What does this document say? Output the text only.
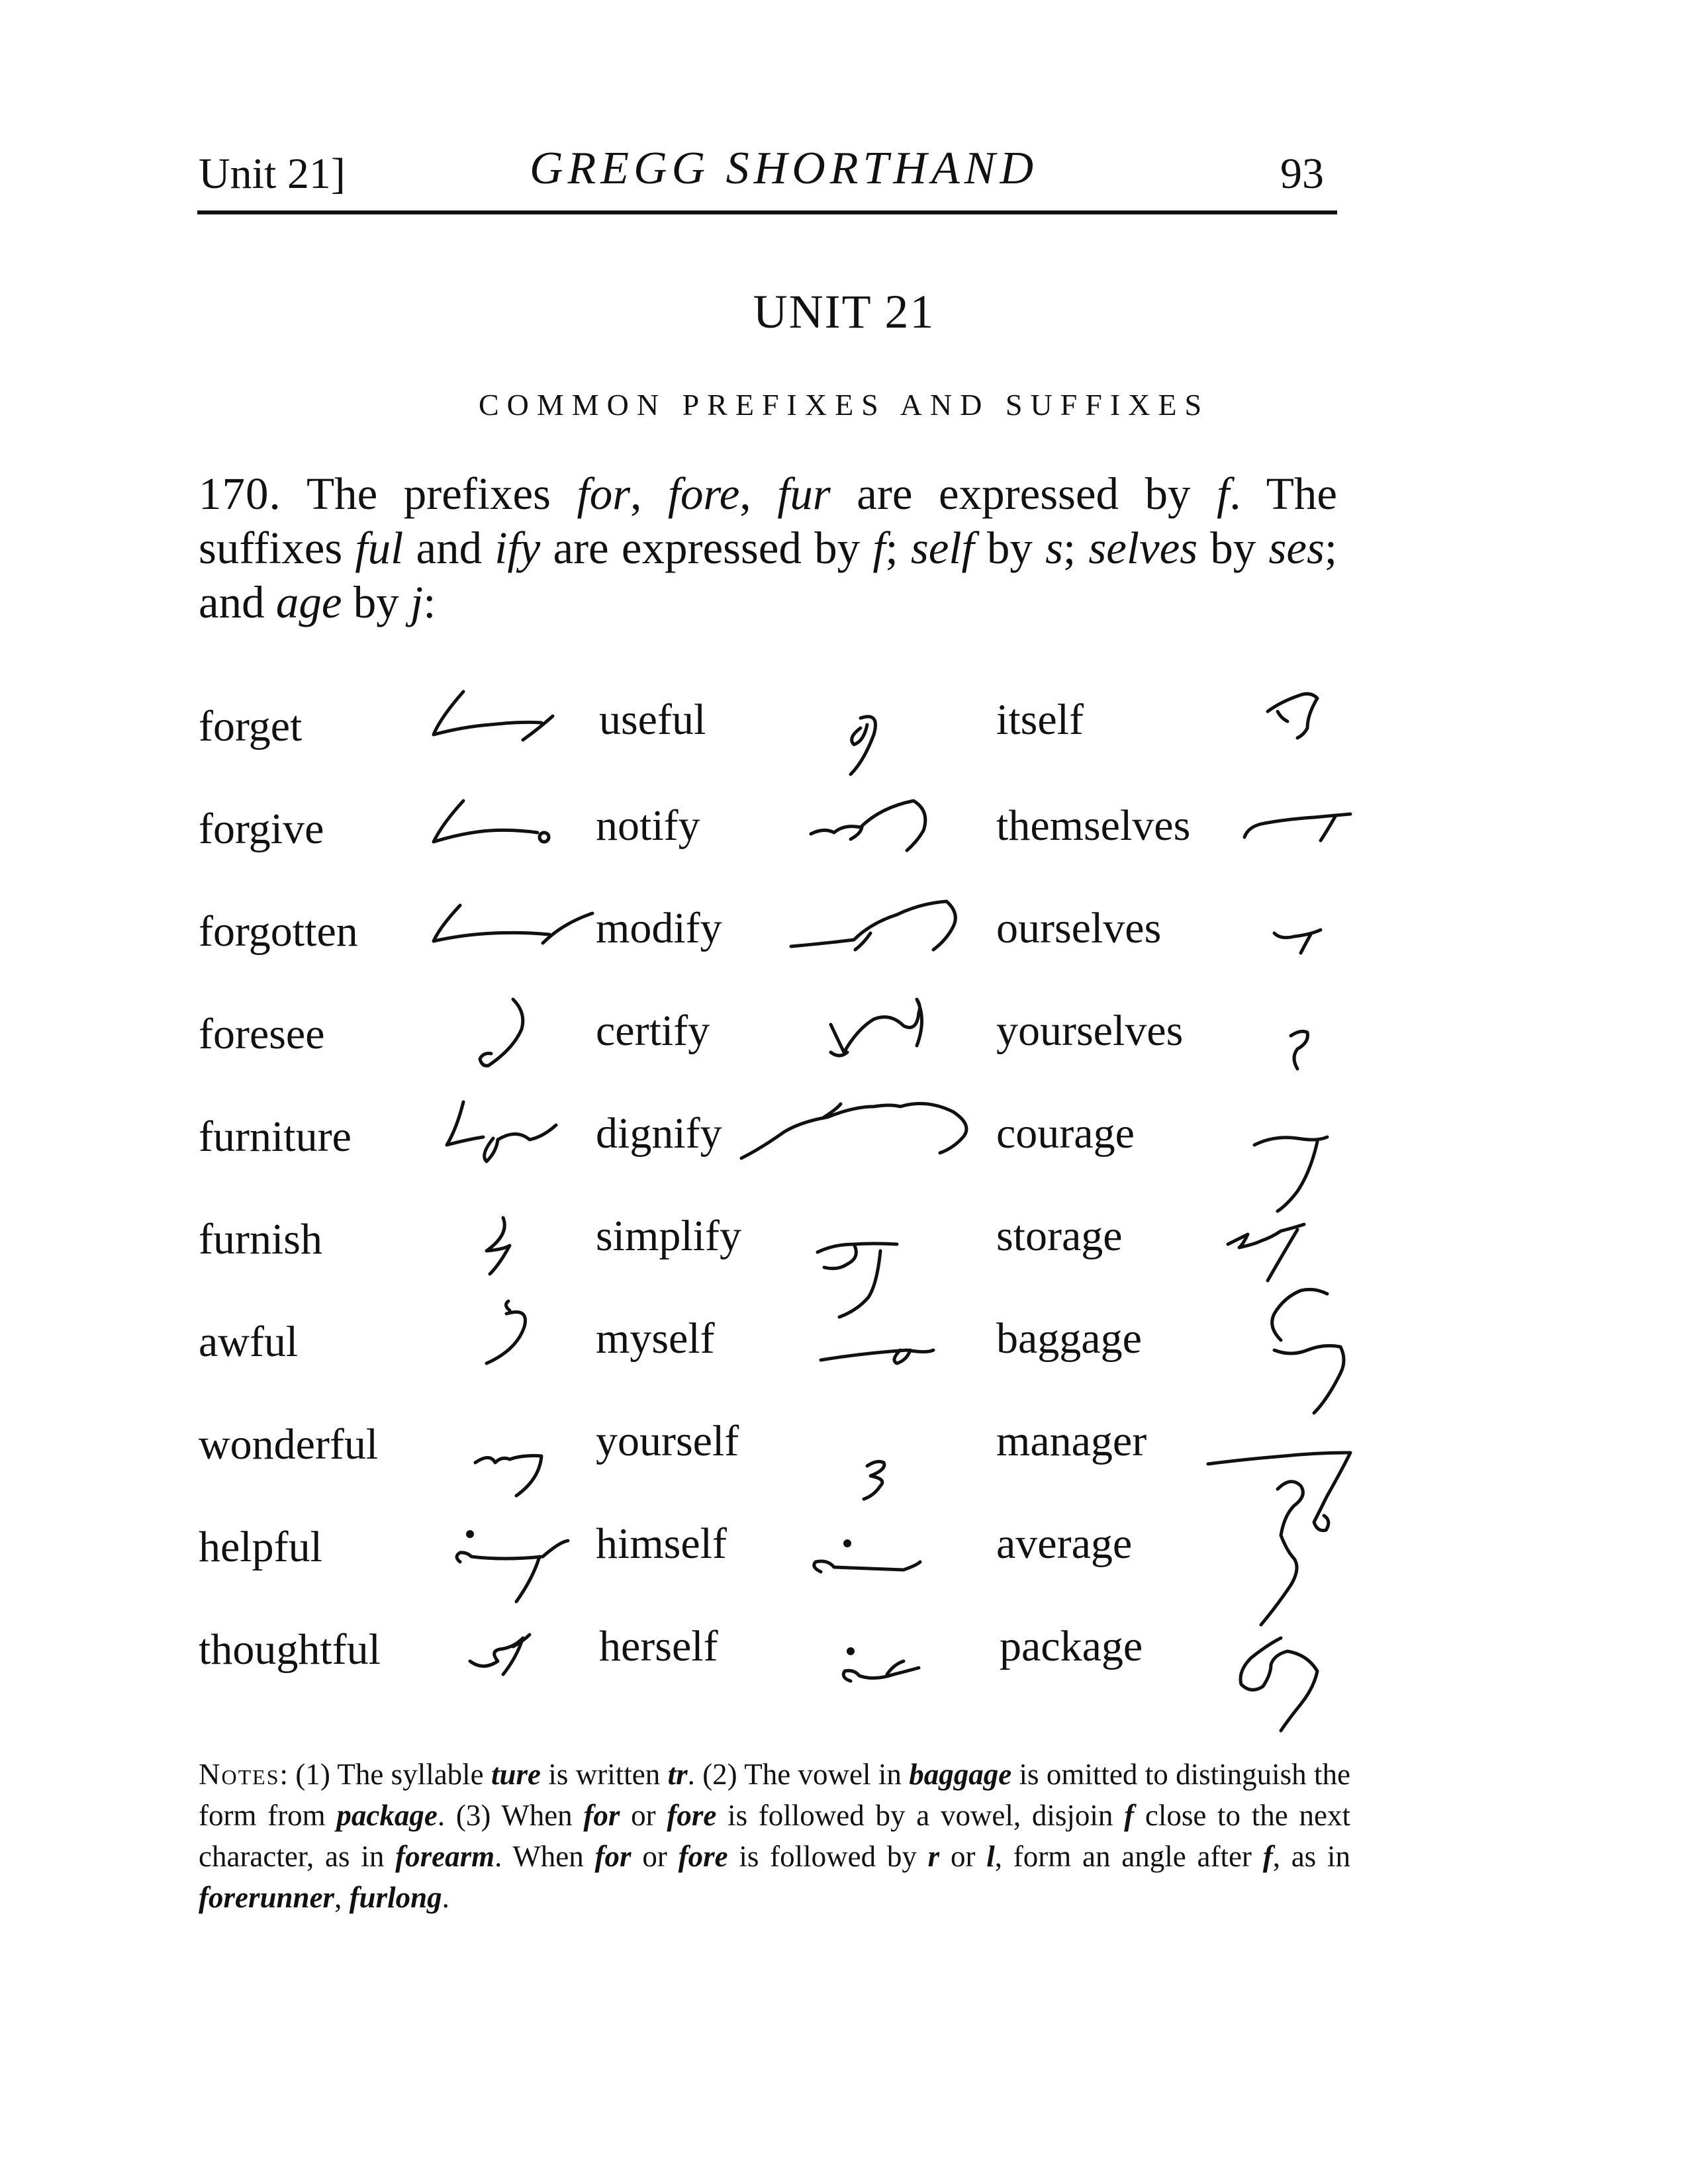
Unit 21]	GREGG SHORTHAND	93
UNIT 21
COMMON PREFIXES AND SUFFIXES
170. The prefixes for, fore, fur are expressed by f. The suffixes ful and ify are expressed by f; self by s; selves by ses; and age by j:
forget
forgive
forgotten
foresee
furniture
furnish
awful
wonderful
helpful
thoughtful
useful
notify
modify
certify
dignify
simplify
myself
yourself
himself
herself
itself
themselves
ourselves
yourselves
courage
storage
baggage
manager
average
package
Notes: (1) The syllable ture is written tr. (2) The vowel in baggage is omitted to distinguish the form from package. (3) When for or fore is followed by a vowel, disjoin f close to the next character, as in forearm. When for or fore is followed by r or l, form an angle after f, as in forerunner, furlong.
